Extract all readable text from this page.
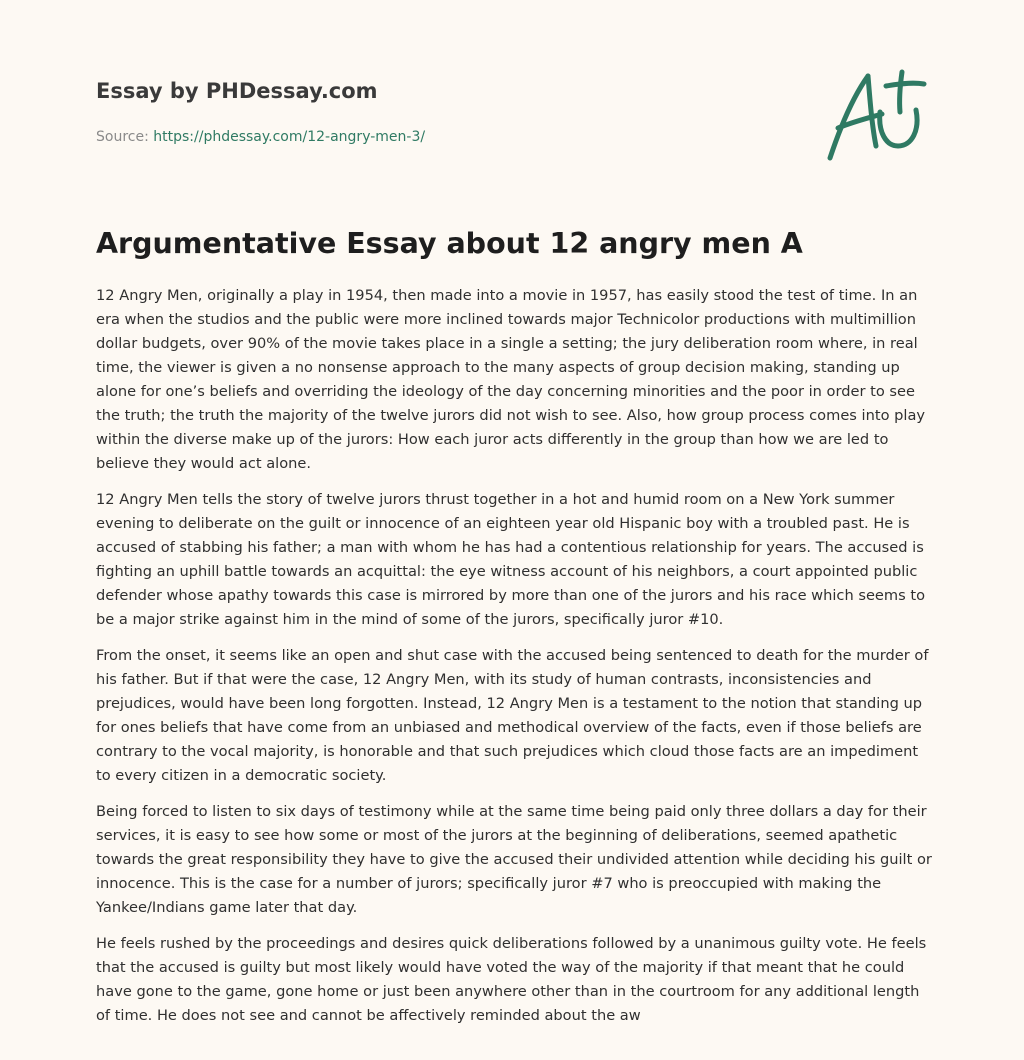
Essay by PHDessay.com
Source: https://phdessay.com/12-angry-men-3/
Argumentative Essay about 12 angry men A

12 Angry Men, originally a play in 1954, then made into a movie in 1957, has easily stood the test of time. In an era when the studios and the public were more inclined towards major Technicolor productions with multimillion dollar budgets, over 90% of the movie takes place in a single a setting; the jury deliberation room where, in real time, the viewer is given a no nonsense approach to the many aspects of group decision making, standing up alone for one’s beliefs and overriding the ideology of the day concerning minorities and the poor in order to see the truth; the truth the majority of the twelve jurors did not wish to see. Also, how group process comes into play within the diverse make up of the jurors: How each juror acts differently in the group than how we are led to believe they would act alone.

12 Angry Men tells the story of twelve jurors thrust together in a hot and humid room on a New York summer evening to deliberate on the guilt or innocence of an eighteen year old Hispanic boy with a troubled past. He is accused of stabbing his father; a man with whom he has had a contentious relationship for years. The accused is fighting an uphill battle towards an acquittal: the eye witness account of his neighbors, a court appointed public defender whose apathy towards this case is mirrored by more than one of the jurors and his race which seems to be a major strike against him in the mind of some of the jurors, specifically juror #10.

From the onset, it seems like an open and shut case with the accused being sentenced to death for the murder of his father. But if that were the case, 12 Angry Men, with its study of human contrasts, inconsistencies and prejudices, would have been long forgotten. Instead, 12 Angry Men is a testament to the notion that standing up for ones beliefs that have come from an unbiased and methodical overview of the facts, even if those beliefs are contrary to the vocal majority, is honorable and that such prejudices which cloud those facts are an impediment to every citizen in a democratic society.

Being forced to listen to six days of testimony while at the same time being paid only three dollars a day for their services, it is easy to see how some or most of the jurors at the beginning of deliberations, seemed apathetic towards the great responsibility they have to give the accused their undivided attention while deciding his guilt or innocence. This is the case for a number of jurors; specifically juror #7 who is preoccupied with making the Yankee/Indians game later that day.

He feels rushed by the proceedings and desires quick deliberations followed by a unanimous guilty vote. He feels that the accused is guilty but most likely would have voted the way of the majority if that meant that he could have gone to the game, gone home or just been anywhere other than in the courtroom for any additional length of time. He does not see and cannot be affectively reminded about the aw
